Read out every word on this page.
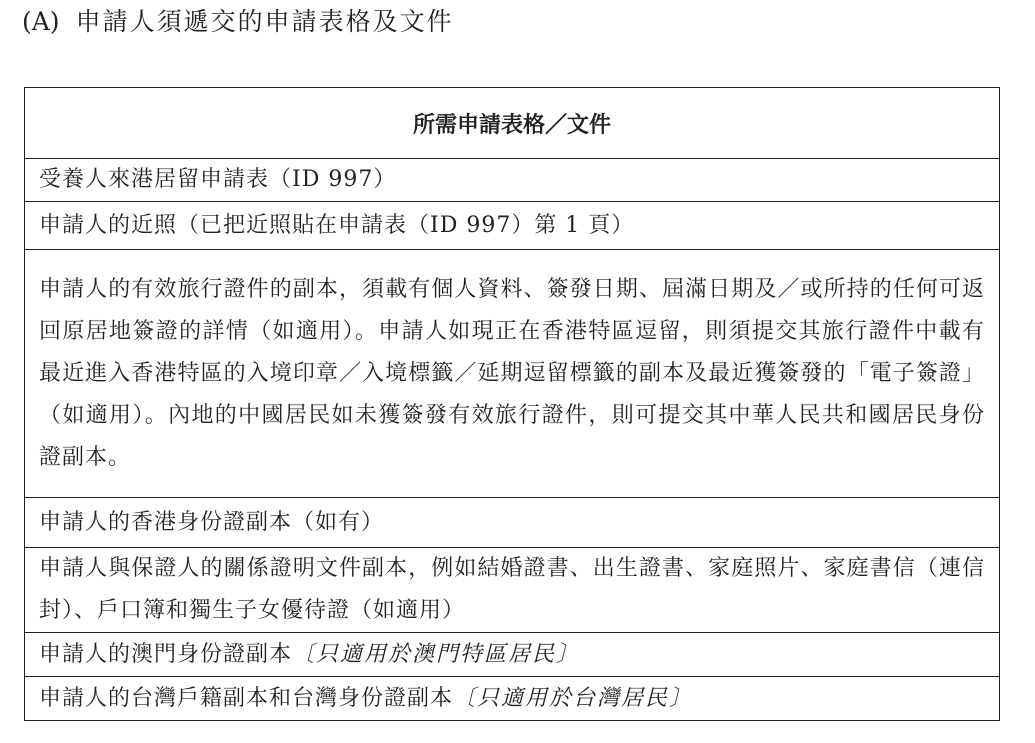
(A) 申請人須遞交的申請表格及文件
所需申請表格／文件
受養人來港居留申請表（ID 997）
申請人的近照（已把近照貼在申請表（ID 997）第 1 頁）
申請人的有效旅行證件的副本，須載有個人資料、簽發日期、屆滿日期及／或所持的任何可返回原居地簽證的詳情（如適用）。申請人如現正在香港特區逗留，則須提交其旅行證件中載有最近進入香港特區的入境印章／入境標籤／延期逗留標籤的副本及最近獲簽發的「電子簽證」（如適用）。內地的中國居民如未獲簽發有效旅行證件，則可提交其中華人民共和國居民身份證副本。
申請人的香港身份證副本（如有）
申請人與保證人的關係證明文件副本，例如結婚證書、出生證書、家庭照片、家庭書信（連信封）、戶口簿和獨生子女優待證（如適用）
申請人的澳門身份證副本〔只適用於澳門特區居民〕
申請人的台灣戶籍副本和台灣身份證副本〔只適用於台灣居民〕
